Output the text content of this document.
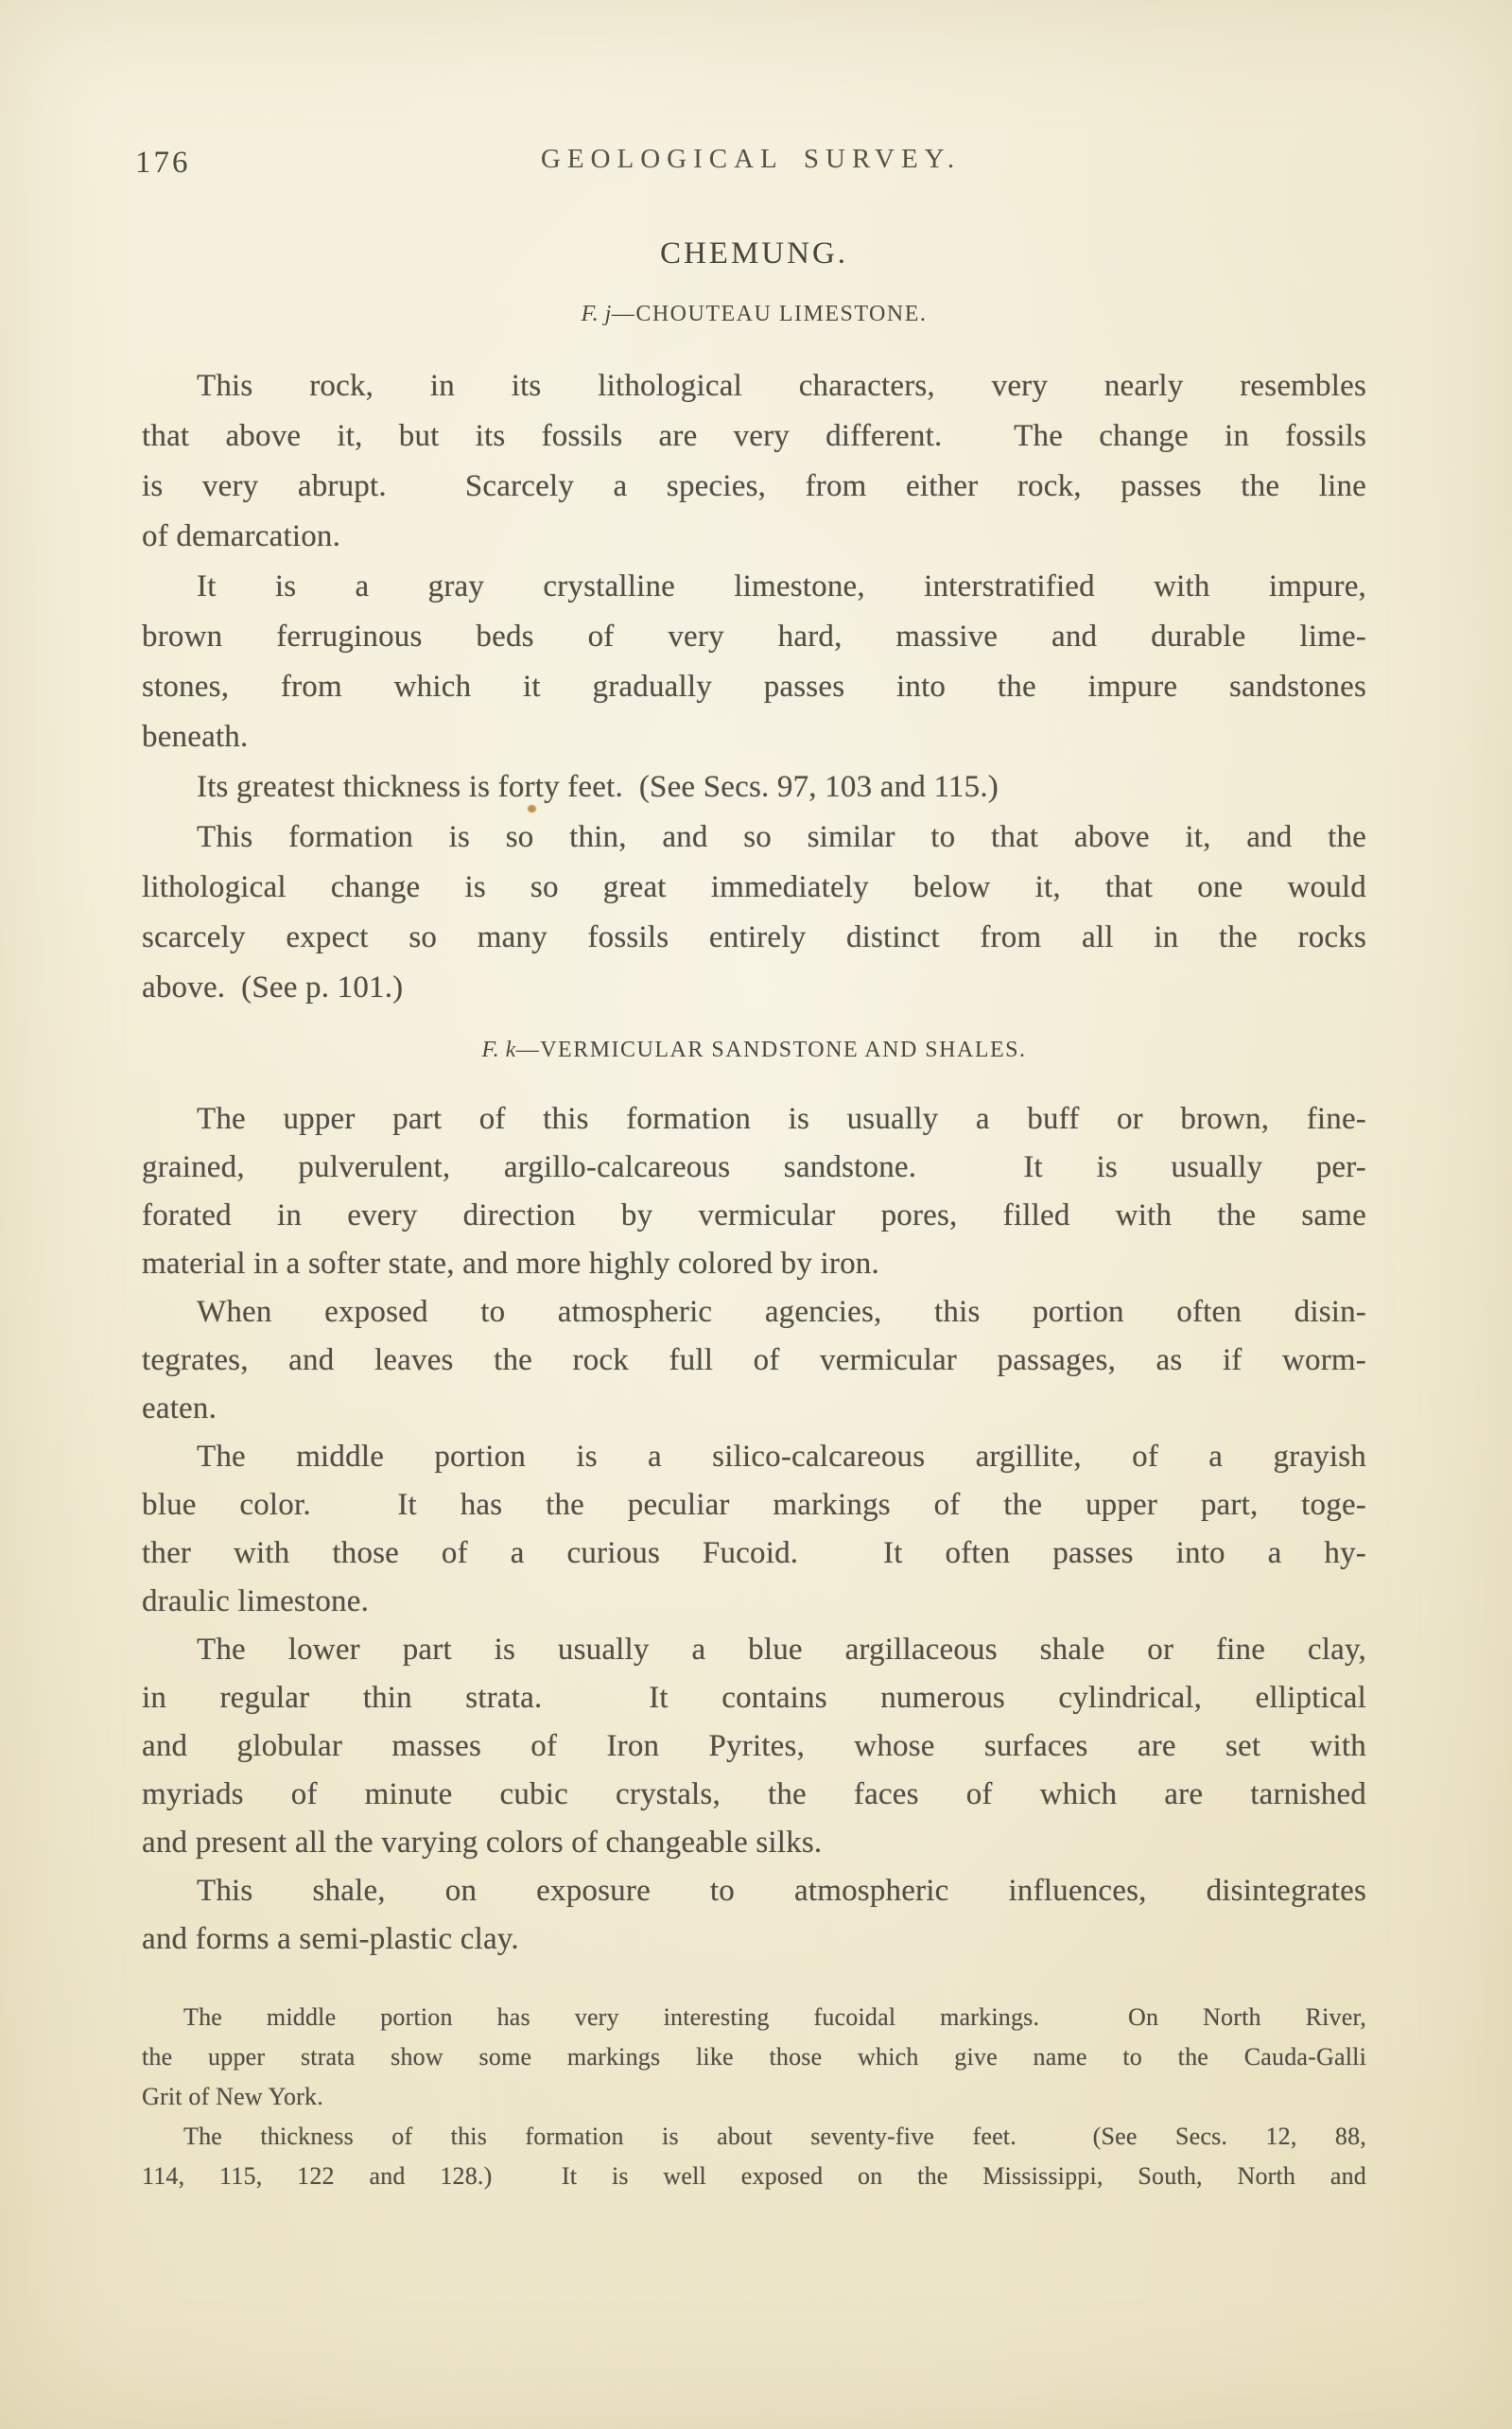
176	GEOLOGICAL SURVEY.
CHEMUNG.
F. j—CHOUTEAU LIMESTONE.
This rock, in its lithological characters, very nearly resembles
that above it, but its fossils are very different.  The change in fossils
is very abrupt.  Scarcely a species, from either rock, passes the line
of demarcation.
It is a gray crystalline limestone, interstratified with impure,
brown ferruginous beds of very hard, massive and durable lime-
stones, from which it gradually passes into the impure sandstones
beneath.
Its greatest thickness is forty feet.  (See Secs. 97, 103 and 115.)
This formation is so thin, and so similar to that above it, and the
lithological change is so great immediately below it, that one would
scarcely expect so many fossils entirely distinct from all in the rocks
above.  (See p. 101.)
F. k—VERMICULAR SANDSTONE AND SHALES.
The upper part of this formation is usually a buff or brown, fine-
grained, pulverulent, argillo-calcareous sandstone.  It is usually per-
forated in every direction by vermicular pores, filled with the same
material in a softer state, and more highly colored by iron.
When exposed to atmospheric agencies, this portion often disin-
tegrates, and leaves the rock full of vermicular passages, as if worm-
eaten.
The middle portion is a silico-calcareous argillite, of a grayish
blue color.  It has the peculiar markings of the upper part, toge-
ther with those of a curious Fucoid.  It often passes into a hy-
draulic limestone.
The lower part is usually a blue argillaceous shale or fine clay,
in regular thin strata.  It contains numerous cylindrical, elliptical
and globular masses of Iron Pyrites, whose surfaces are set with
myriads of minute cubic crystals, the faces of which are tarnished
and present all the varying colors of changeable silks.
This shale, on exposure to atmospheric influences, disintegrates
and forms a semi-plastic clay.
The middle portion has very interesting fucoidal markings.  On North River,
the upper strata show some markings like those which give name to the Cauda-Galli
Grit of New York.
The thickness of this formation is about seventy-five feet.  (See Secs. 12, 88,
114, 115, 122 and 128.)  It is well exposed on the Mississippi, South, North and
